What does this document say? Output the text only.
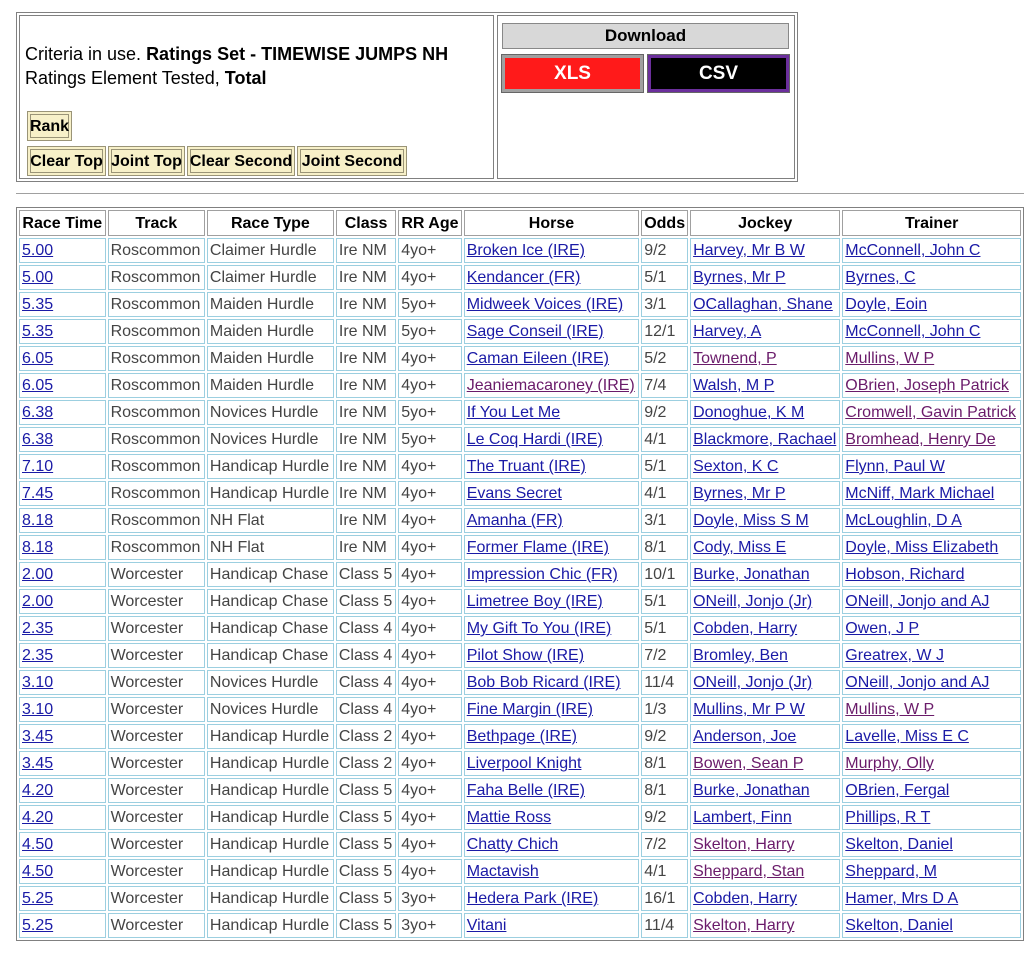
Criteria in use. Ratings Set - TIMEWISE JUMPS NH
Ratings Element Tested, Total
Rank
Clear Top Joint Top Clear Second Joint Second
Download
XLS	CSV
Race Time	Track	Race Type	Class	RR Age	Horse	Odds	Jockey	Trainer
5.00	Roscommon	Claimer Hurdle	Ire NM	4yo+	Broken Ice (IRE)	9/2	Harvey, Mr B W	McConnell, John C
5.00	Roscommon	Claimer Hurdle	Ire NM	4yo+	Kendancer (FR)	5/1	Byrnes, Mr P	Byrnes, C
5.35	Roscommon	Maiden Hurdle	Ire NM	5yo+	Midweek Voices (IRE)	3/1	OCallaghan, Shane	Doyle, Eoin
5.35	Roscommon	Maiden Hurdle	Ire NM	5yo+	Sage Conseil (IRE)	12/1	Harvey, A	McConnell, John C
6.05	Roscommon	Maiden Hurdle	Ire NM	4yo+	Caman Eileen (IRE)	5/2	Townend, P	Mullins, W P
6.05	Roscommon	Maiden Hurdle	Ire NM	4yo+	Jeaniemacaroney (IRE)	7/4	Walsh, M P	OBrien, Joseph Patrick
6.38	Roscommon	Novices Hurdle	Ire NM	5yo+	If You Let Me	9/2	Donoghue, K M	Cromwell, Gavin Patrick
6.38	Roscommon	Novices Hurdle	Ire NM	5yo+	Le Coq Hardi (IRE)	4/1	Blackmore, Rachael	Bromhead, Henry De
7.10	Roscommon	Handicap Hurdle	Ire NM	4yo+	The Truant (IRE)	5/1	Sexton, K C	Flynn, Paul W
7.45	Roscommon	Handicap Hurdle	Ire NM	4yo+	Evans Secret	4/1	Byrnes, Mr P	McNiff, Mark Michael
8.18	Roscommon	NH Flat	Ire NM	4yo+	Amanha (FR)	3/1	Doyle, Miss S M	McLoughlin, D A
8.18	Roscommon	NH Flat	Ire NM	4yo+	Former Flame (IRE)	8/1	Cody, Miss E	Doyle, Miss Elizabeth
2.00	Worcester	Handicap Chase	Class 5	4yo+	Impression Chic (FR)	10/1	Burke, Jonathan	Hobson, Richard
2.00	Worcester	Handicap Chase	Class 5	4yo+	Limetree Boy (IRE)	5/1	ONeill, Jonjo (Jr)	ONeill, Jonjo and AJ
2.35	Worcester	Handicap Chase	Class 4	4yo+	My Gift To You (IRE)	5/1	Cobden, Harry	Owen, J P
2.35	Worcester	Handicap Chase	Class 4	4yo+	Pilot Show (IRE)	7/2	Bromley, Ben	Greatrex, W J
3.10	Worcester	Novices Hurdle	Class 4	4yo+	Bob Bob Ricard (IRE)	11/4	ONeill, Jonjo (Jr)	ONeill, Jonjo and AJ
3.10	Worcester	Novices Hurdle	Class 4	4yo+	Fine Margin (IRE)	1/3	Mullins, Mr P W	Mullins, W P
3.45	Worcester	Handicap Hurdle	Class 2	4yo+	Bethpage (IRE)	9/2	Anderson, Joe	Lavelle, Miss E C
3.45	Worcester	Handicap Hurdle	Class 2	4yo+	Liverpool Knight	8/1	Bowen, Sean P	Murphy, Olly
4.20	Worcester	Handicap Hurdle	Class 5	4yo+	Faha Belle (IRE)	8/1	Burke, Jonathan	OBrien, Fergal
4.20	Worcester	Handicap Hurdle	Class 5	4yo+	Mattie Ross	9/2	Lambert, Finn	Phillips, R T
4.50	Worcester	Handicap Hurdle	Class 5	4yo+	Chatty Chich	7/2	Skelton, Harry	Skelton, Daniel
4.50	Worcester	Handicap Hurdle	Class 5	4yo+	Mactavish	4/1	Sheppard, Stan	Sheppard, M
5.25	Worcester	Handicap Hurdle	Class 5	3yo+	Hedera Park (IRE)	16/1	Cobden, Harry	Hamer, Mrs D A
5.25	Worcester	Handicap Hurdle	Class 5	3yo+	Vitani	11/4	Skelton, Harry	Skelton, Daniel
